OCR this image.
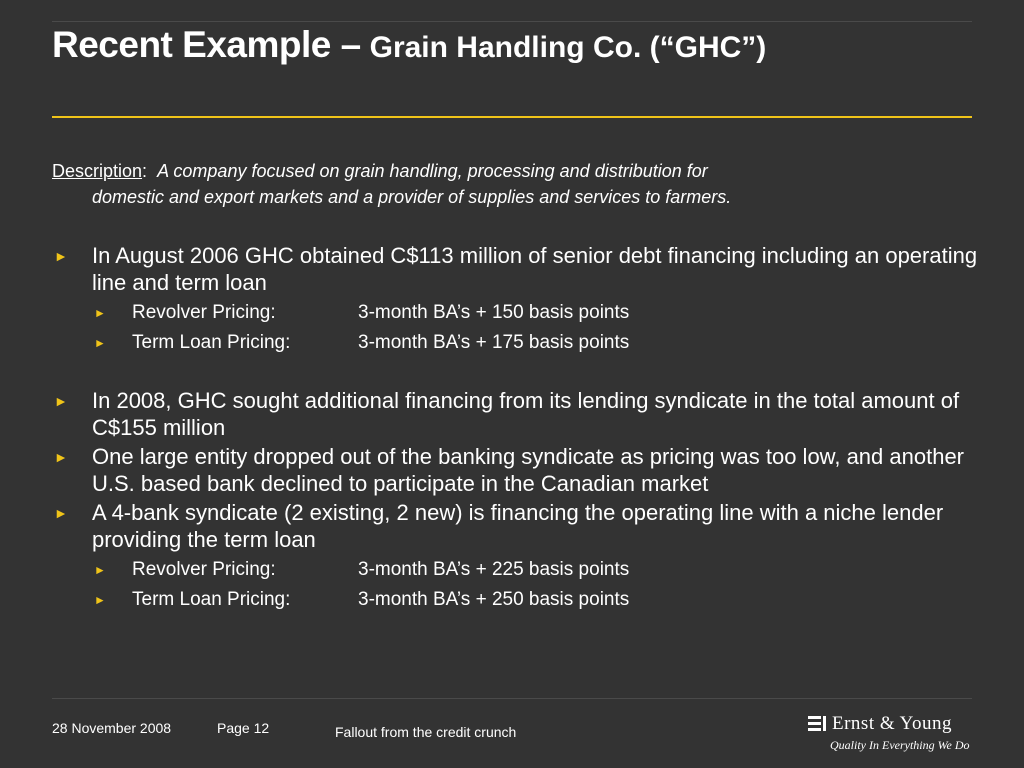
Recent Example – Grain Handling Co. (“GHC”)
Description: A company focused on grain handling, processing and distribution for
domestic and export markets and a provider of supplies and services to farmers.
► In August 2006 GHC obtained C$113 million of senior debt financing including an operating line and term loan
► Revolver Pricing:	3-month BA’s + 150 basis points
► Term Loan Pricing:	3-month BA’s + 175 basis points
► In 2008, GHC sought additional financing from its lending syndicate in the total amount of C$155 million
► One large entity dropped out of the banking syndicate as pricing was too low, and another U.S. based bank declined to participate in the Canadian market
► A 4-bank syndicate (2 existing, 2 new) is financing the operating line with a niche lender providing the term loan
► Revolver Pricing:	3-month BA’s + 225 basis points
► Term Loan Pricing:	3-month BA’s + 250 basis points
28 November 2008	Page 12	Fallout from the credit crunch	Ernst & Young
Quality In Everything We Do
